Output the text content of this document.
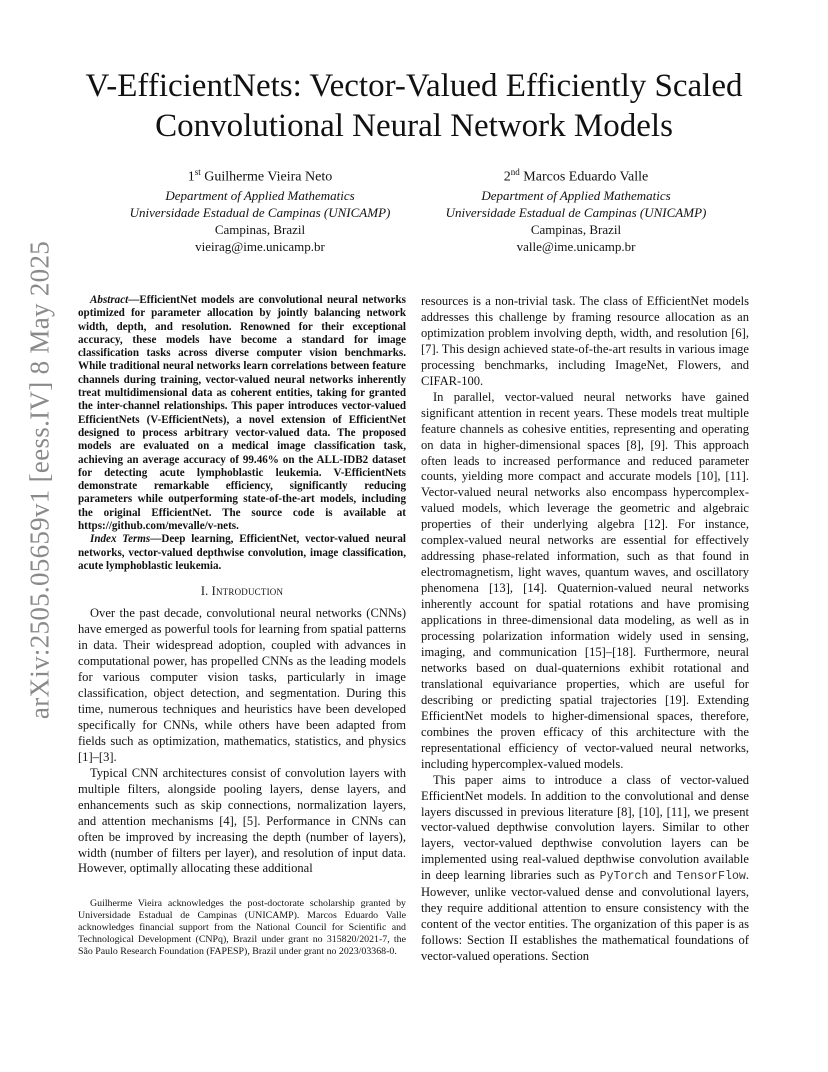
arXiv:2505.05659v1 [eess.IV] 8 May 2025
V-EfficientNets: Vector-Valued Efficiently Scaled
Convolutional Neural Network Models
1st Guilherme Vieira Neto
Department of Applied Mathematics
Universidade Estadual de Campinas (UNICAMP)
Campinas, Brazil
vieirag@ime.unicamp.br
2nd Marcos Eduardo Valle
Department of Applied Mathematics
Universidade Estadual de Campinas (UNICAMP)
Campinas, Brazil
valle@ime.unicamp.br

Abstract—EfficientNet models are convolutional neural networks optimized for parameter allocation by jointly balancing network width, depth, and resolution. Renowned for their exceptional accuracy, these models have become a standard for image classification tasks across diverse computer vision benchmarks. While traditional neural networks learn correlations between feature channels during training, vector-valued neural networks inherently treat multidimensional data as coherent entities, taking for granted the inter-channel relationships. This paper introduces vector-valued EfficientNets (V-EfficientNets), a novel extension of EfficientNet designed to process arbitrary vector-valued data. The proposed models are evaluated on a medical image classification task, achieving an average accuracy of 99.46% on the ALL-IDB2 dataset for detecting acute lymphoblastic leukemia. V-EfficientNets demonstrate remarkable efficiency, significantly reducing parameters while outperforming state-of-the-art models, including the original EfficientNet. The source code is available at https://github.com/mevalle/v-nets.

Index Terms—Deep learning, EfficientNet, vector-valued neural networks, vector-valued depthwise convolution, image classification, acute lymphoblastic leukemia.

I. Introduction

Over the past decade, convolutional neural networks (CNNs) have emerged as powerful tools for learning from spatial patterns in data. Their widespread adoption, coupled with advances in computational power, has propelled CNNs as the leading models for various computer vision tasks, particularly in image classification, object detection, and segmentation. During this time, numerous techniques and heuristics have been developed specifically for CNNs, while others have been adapted from fields such as optimization, mathematics, statistics, and physics [1]–[3].

Typical CNN architectures consist of convolution layers with multiple filters, alongside pooling layers, dense layers, and enhancements such as skip connections, normalization layers, and attention mechanisms [4], [5]. Performance in CNNs can often be improved by increasing the depth (number of layers), width (number of filters per layer), and resolution of input data. However, optimally allocating these additional

Guilherme Vieira acknowledges the post-doctorate scholarship granted by Universidade Estadual de Campinas (UNICAMP). Marcos Eduardo Valle acknowledges financial support from the National Council for Scientific and Technological Development (CNPq), Brazil under grant no 315820/2021-7, the São Paulo Research Foundation (FAPESP), Brazil under grant no 2023/03368-0.

resources is a non-trivial task. The class of EfficientNet models addresses this challenge by framing resource allocation as an optimization problem involving depth, width, and resolution [6], [7]. This design achieved state-of-the-art results in various image processing benchmarks, including ImageNet, Flowers, and CIFAR-100.

In parallel, vector-valued neural networks have gained significant attention in recent years. These models treat multiple feature channels as cohesive entities, representing and operating on data in higher-dimensional spaces [8], [9]. This approach often leads to increased performance and reduced parameter counts, yielding more compact and accurate models [10], [11]. Vector-valued neural networks also encompass hypercomplex-valued models, which leverage the geometric and algebraic properties of their underlying algebra [12]. For instance, complex-valued neural networks are essential for effectively addressing phase-related information, such as that found in electromagnetism, light waves, quantum waves, and oscillatory phenomena [13], [14]. Quaternion-valued neural networks inherently account for spatial rotations and have promising applications in three-dimensional data modeling, as well as in processing polarization information widely used in sensing, imaging, and communication [15]–[18]. Furthermore, neural networks based on dual-quaternions exhibit rotational and translational equivariance properties, which are useful for describing or predicting spatial trajectories [19]. Extending EfficientNet models to higher-dimensional spaces, therefore, combines the proven efficacy of this architecture with the representational efficiency of vector-valued neural networks, including hypercomplex-valued models.

This paper aims to introduce a class of vector-valued EfficientNet models. In addition to the convolutional and dense layers discussed in previous literature [8], [10], [11], we present vector-valued depthwise convolution layers. Similar to other layers, vector-valued depthwise convolution layers can be implemented using real-valued depthwise convolution available in deep learning libraries such as PyTorch and TensorFlow. However, unlike vector-valued dense and convolutional layers, they require additional attention to ensure consistency with the content of the vector entities. The organization of this paper is as follows: Section II establishes the mathematical foundations of vector-valued operations. Section
